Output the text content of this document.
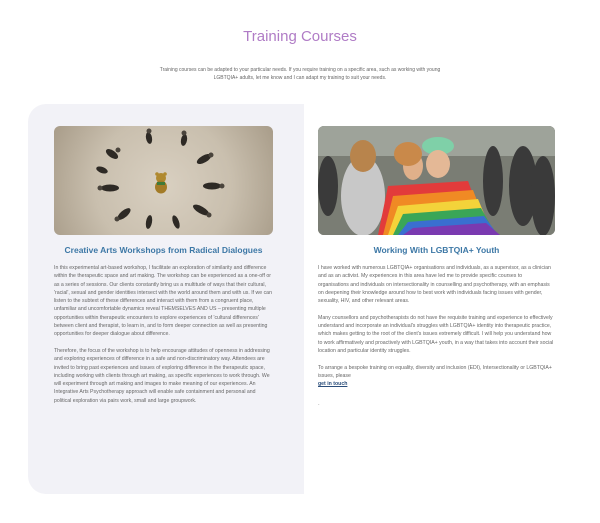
Training Courses

Training courses can be adapted to your particular needs. If you require training on a specific area, such as working with young LGBTQIA+ adults, let me know and I can adapt my training to suit your needs.

Creative Arts Workshops from Radical Dialogues

In this experimental art-based workshop, I facilitate an exploration of similarity and difference within the therapeutic space and art making. The workshop can be experienced as a one-off or as a series of sessions. Our clients constantly bring us a multitude of ways that their cultural, 'racial', sexual and gender identities intersect with the world around them and with us. If we can listen to the subtext of these differences and interact with them from a congruent place, unfamiliar and uncomfortable dynamics reveal THEMSELVES AND US – presenting multiple opportunities within therapeutic encounters to explore experiences of 'cultural differences' between client and therapist, to learn in, and to form deeper connection as well as presenting opportunities for deeper dialogue about difference.

Therefore, the focus of the workshop is to help encourage attitudes of openness in addressing and exploring experiences of difference in a safe and non-discriminatory way. Attendees are invited to bring past experiences and issues of exploring difference in the therapeutic space, including working with clients through art making, as specific experiences to work through. We will experiment through art making and images to make meaning of our experiences. An Integrative Arts Psychotherapy approach will enable safe containment and personal and political exploration via pairs work, small and large groupwork.

Working With LGBTQIA+ Youth

I have worked with numerous LGBTQIA+ organisations and individuals, as a supervisor, as a clinician and as an activist. My experiences in this area have led me to provide specific courses to organisations and individuals on intersectionality in counselling and psychotherapy, with an emphasis on deepening their knowledge around how to best work with individuals facing issues with gender, sexuality, HIV, and other relevant areas.

Many counsellors and psychotherapists do not have the requisite training and experience to effectively understand and incorporate an individual's struggles with LGBTQIA+ identity into therapeutic practice, which makes getting to the root of the client's issues extremely difficult. I will help you understand how to work affirmatively and proactively with LGBTQIA+ youth, in a way that takes into account their social location and particular identity struggles.

To arrange a bespoke training on equality, diversity and inclusion (EDI), Intersectionality or LGBTQIA+ issues, please

get in touch

.
